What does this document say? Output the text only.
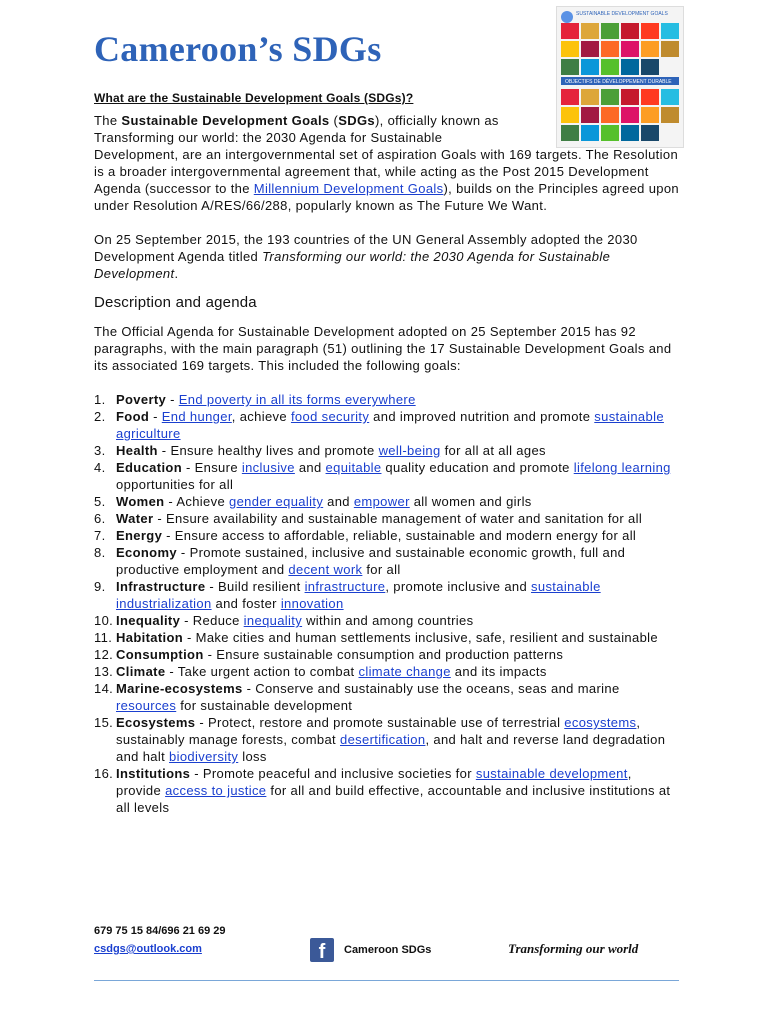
Cameroon’s SDGs
SUSTAINABLE DEVELOPMENT GOALS
OBJECTIFS DE DÉVELOPPEMENT DURABLE
What are the Sustainable Development Goals (SDGs)?

The Sustainable Development Goals (SDGs), officially known as Transforming our world: the 2030 Agenda for Sustainable

Development, are an intergovernmental set of aspiration Goals with 169 targets. The Resolution is a broader intergovernmental agreement that, while acting as the Post 2015 Development Agenda (successor to the Millennium Development Goals), builds on the Principles agreed upon under Resolution A/RES/66/288, popularly known as The Future We Want.

On 25 September 2015, the 193 countries of the UN General Assembly adopted the 2030 Development Agenda titled Transforming our world: the 2030 Agenda for Sustainable Development.

Description and agenda

The Official Agenda for Sustainable Development adopted on 25 September 2015 has 92 paragraphs, with the main paragraph (51) outlining the 17 Sustainable Development Goals and its associated 169 targets. This included the following goals:

1. Poverty - End poverty in all its forms everywhere
2. Food - End hunger, achieve food security and improved nutrition and promote sustainable agriculture
3. Health - Ensure healthy lives and promote well-being for all at all ages
4. Education - Ensure inclusive and equitable quality education and promote lifelong learning opportunities for all
5. Women - Achieve gender equality and empower all women and girls
6. Water - Ensure availability and sustainable management of water and sanitation for all
7. Energy - Ensure access to affordable, reliable, sustainable and modern energy for all
8. Economy - Promote sustained, inclusive and sustainable economic growth, full and productive employment and decent work for all
9. Infrastructure - Build resilient infrastructure, promote inclusive and sustainable industrialization and foster innovation
10. Inequality - Reduce inequality within and among countries
11. Habitation - Make cities and human settlements inclusive, safe, resilient and sustainable
12. Consumption - Ensure sustainable consumption and production patterns
13. Climate - Take urgent action to combat climate change and its impacts
14. Marine-ecosystems - Conserve and sustainably use the oceans, seas and marine resources for sustainable development
15. Ecosystems - Protect, restore and promote sustainable use of terrestrial ecosystems, sustainably manage forests, combat desertification, and halt and reverse land degradation and halt biodiversity loss
16. Institutions - Promote peaceful and inclusive societies for sustainable development, provide access to justice for all and build effective, accountable and inclusive institutions at all levels
679 75 15 84/696 21 69 29
csdgs@outlook.com	f	Cameroon SDGs	Transforming our world
